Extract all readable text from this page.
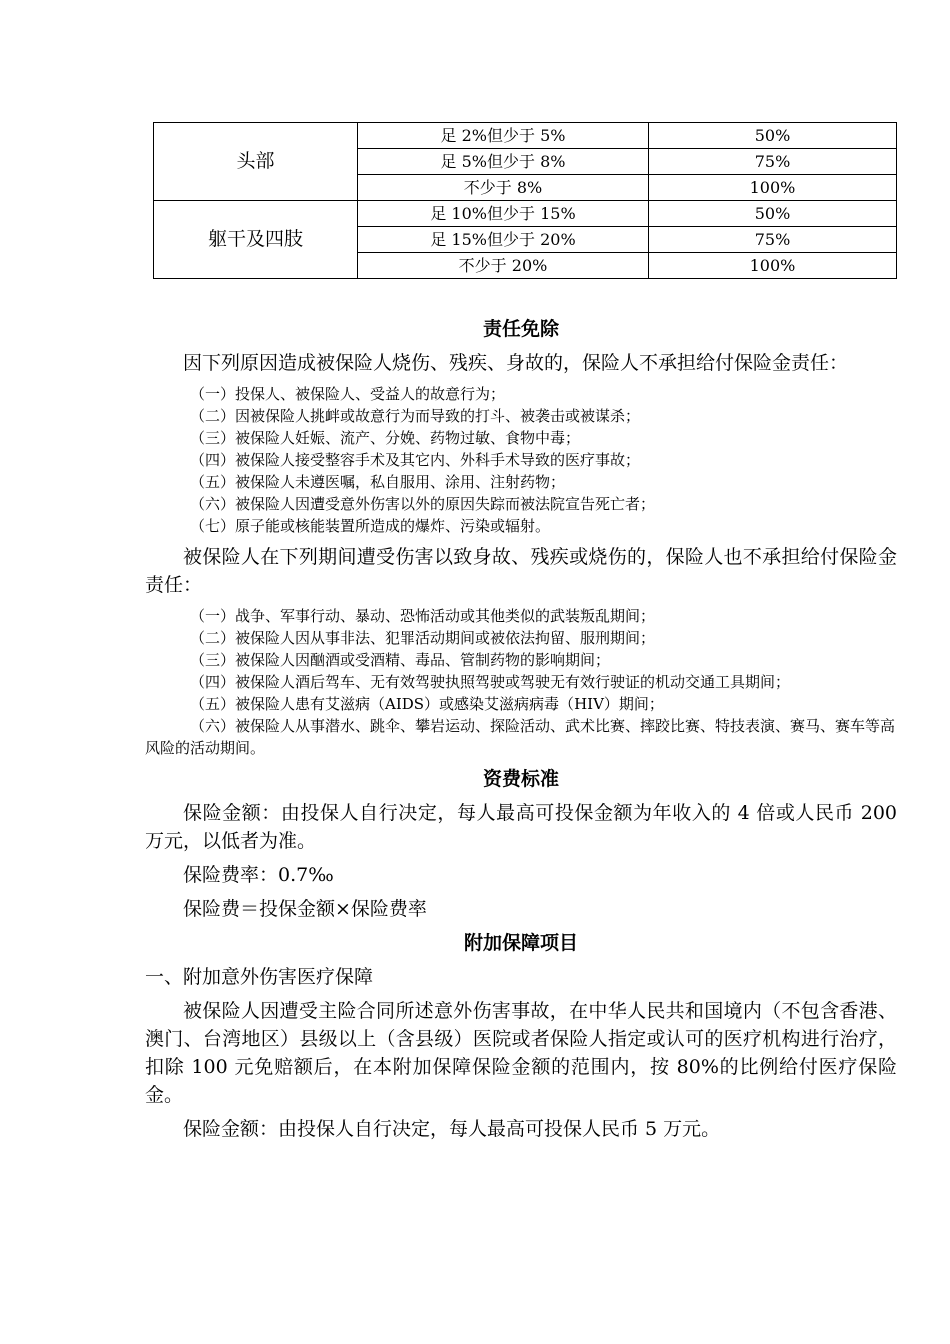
头部	足 2%但少于 5%	50%
	足 5%但少于 8%	75%
	不少于 8%	100%
躯干及四肢	足 10%但少于 15%	50%
	足 15%但少于 20%	75%
	不少于 20%	100%
责任免除

因下列原因造成被保险人烧伤、残疾、身故的，保险人不承担给付保险金责任：

（一）投保人、被保险人、受益人的故意行为；

（二）因被保险人挑衅或故意行为而导致的打斗、被袭击或被谋杀；

（三）被保险人妊娠、流产、分娩、药物过敏、食物中毒；

（四）被保险人接受整容手术及其它内、外科手术导致的医疗事故；

（五）被保险人未遵医嘱，私自服用、涂用、注射药物；

（六）被保险人因遭受意外伤害以外的原因失踪而被法院宣告死亡者；

（七）原子能或核能装置所造成的爆炸、污染或辐射。

被保险人在下列期间遭受伤害以致身故、残疾或烧伤的，保险人也不承担给付保险金责任：

（一）战争、军事行动、暴动、恐怖活动或其他类似的武装叛乱期间；

（二）被保险人因从事非法、犯罪活动期间或被依法拘留、服刑期间；

（三）被保险人因酗酒或受酒精、毒品、管制药物的影响期间；

（四）被保险人酒后驾车、无有效驾驶执照驾驶或驾驶无有效行驶证的机动交通工具期间；

（五）被保险人患有艾滋病（AIDS）或感染艾滋病病毒（HIV）期间；

（六）被保险人从事潜水、跳伞、攀岩运动、探险活动、武术比赛、摔跤比赛、特技表演、赛马、赛车等高风险的活动期间。

资费标准

保险金额：由投保人自行决定，每人最高可投保金额为年收入的 4 倍或人民币 200 万元，以低者为准。

保险费率：0.7‰

保险费＝投保金额×保险费率

附加保障项目

一、附加意外伤害医疗保障

被保险人因遭受主险合同所述意外伤害事故，在中华人民共和国境内（不包含香港、澳门、台湾地区）县级以上（含县级）医院或者保险人指定或认可的医疗机构进行治疗，扣除 100 元免赔额后，在本附加保障保险金额的范围内，按 80%的比例给付医疗保险金。

保险金额：由投保人自行决定，每人最高可投保人民币 5 万元。
